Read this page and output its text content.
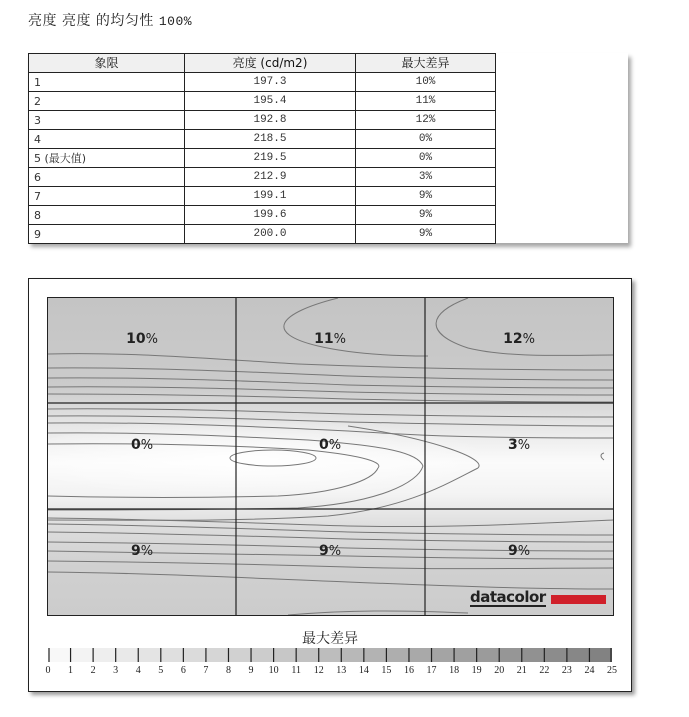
亮度 亮度 的均匀性 100%
象限	亮度 (cd/m2)	最大差异
1	197.3	10%
2	195.4	11%
3	192.8	12%
4	218.5	0%
5 (最大值)	219.5	0%
6	212.9	3%
7	199.1	9%
8	199.6	9%
9	200.0	9%
10%	11%	12%
0%	0%	3%
9%	9%	9%
datacolor
最大差异
0 1 2 3 4 5 6 7 8 9 10 11 12 13 14 15 16 17 18 19 20 21 22 23 24 25
